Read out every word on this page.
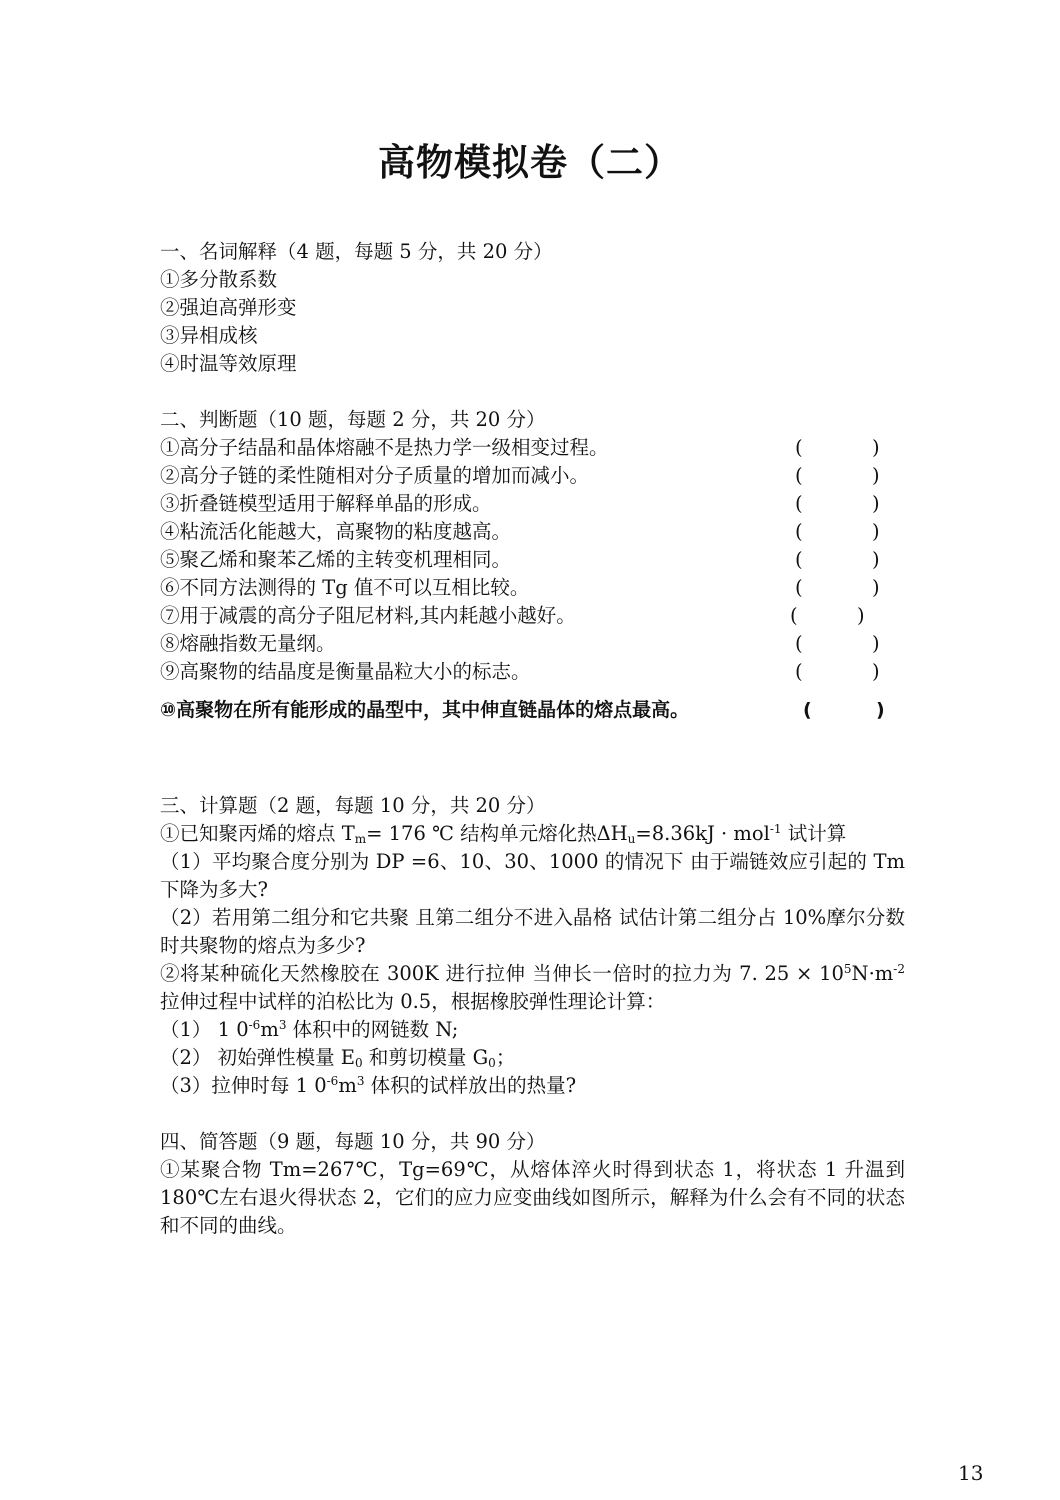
高物模拟卷（二）

一、名词解释（4 题，每题 5 分，共 20 分）

①多分散系数

②强迫高弹形变

③异相成核

④时温等效原理

二、判断题（10 题，每题 2 分，共 20 分）

①高分子结晶和晶体熔融不是热力学一级相变过程。	(	)
②高分子链的柔性随相对分子质量的增加而减小。	(	)
③折叠链模型适用于解释单晶的形成。	(	)
④粘流活化能越大，高聚物的粘度越高。	(	)
⑤聚乙烯和聚苯乙烯的主转变机理相同。	(	)
⑥不同方法测得的 Tg 值不可以互相比较。	(	)
⑦用于减震的高分子阻尼材料,其内耗越小越好。	(	)
⑧熔融指数无量纲。	(	)
⑨高聚物的结晶度是衡量晶粒大小的标志。	(	)
⑩高聚物在所有能形成的晶型中，其中伸直链晶体的熔点最高。	(	)

三、计算题（2 题，每题 10 分，共 20 分）

①已知聚丙烯的熔点 $T_m= 176$ ℃ 结构单元熔化热$\Delta H_u=8.36kJ \cdot mol^{-1}$ 试计算

（1）平均聚合度分别为 DP =6、10、30、1000 的情况下 由于端链效应引起的 Tm 下降为多大?

（2）若用第二组分和它共聚 且第二组分不进入晶格 试估计第二组分占 10%摩尔分数时共聚物的熔点为多少?

②将某种硫化天然橡胶在 300K 进行拉伸 当伸长一倍时的拉力为 7. $25 \times 10^5N\cdot m^{-2}$ 拉伸过程中试样的泊松比为 0.5，根据橡胶弹性理论计算：

（1） 1 $0^{-6}m^3$ 体积中的网链数 N;

（2） 初始弹性模量 $E_0$ 和剪切模量 $G_0$；

（3）拉伸时每 1 $0^{-6}m^3$ 体积的试样放出的热量?

四、简答题（9 题，每题 10 分，共 90 分）

①某聚合物 Tm=267℃，Tg=69℃，从熔体淬火时得到状态 1，将状态 1 升温到 180℃左右退火得状态 2，它们的应力应变曲线如图所示，解释为什么会有不同的状态和不同的曲线。

13
